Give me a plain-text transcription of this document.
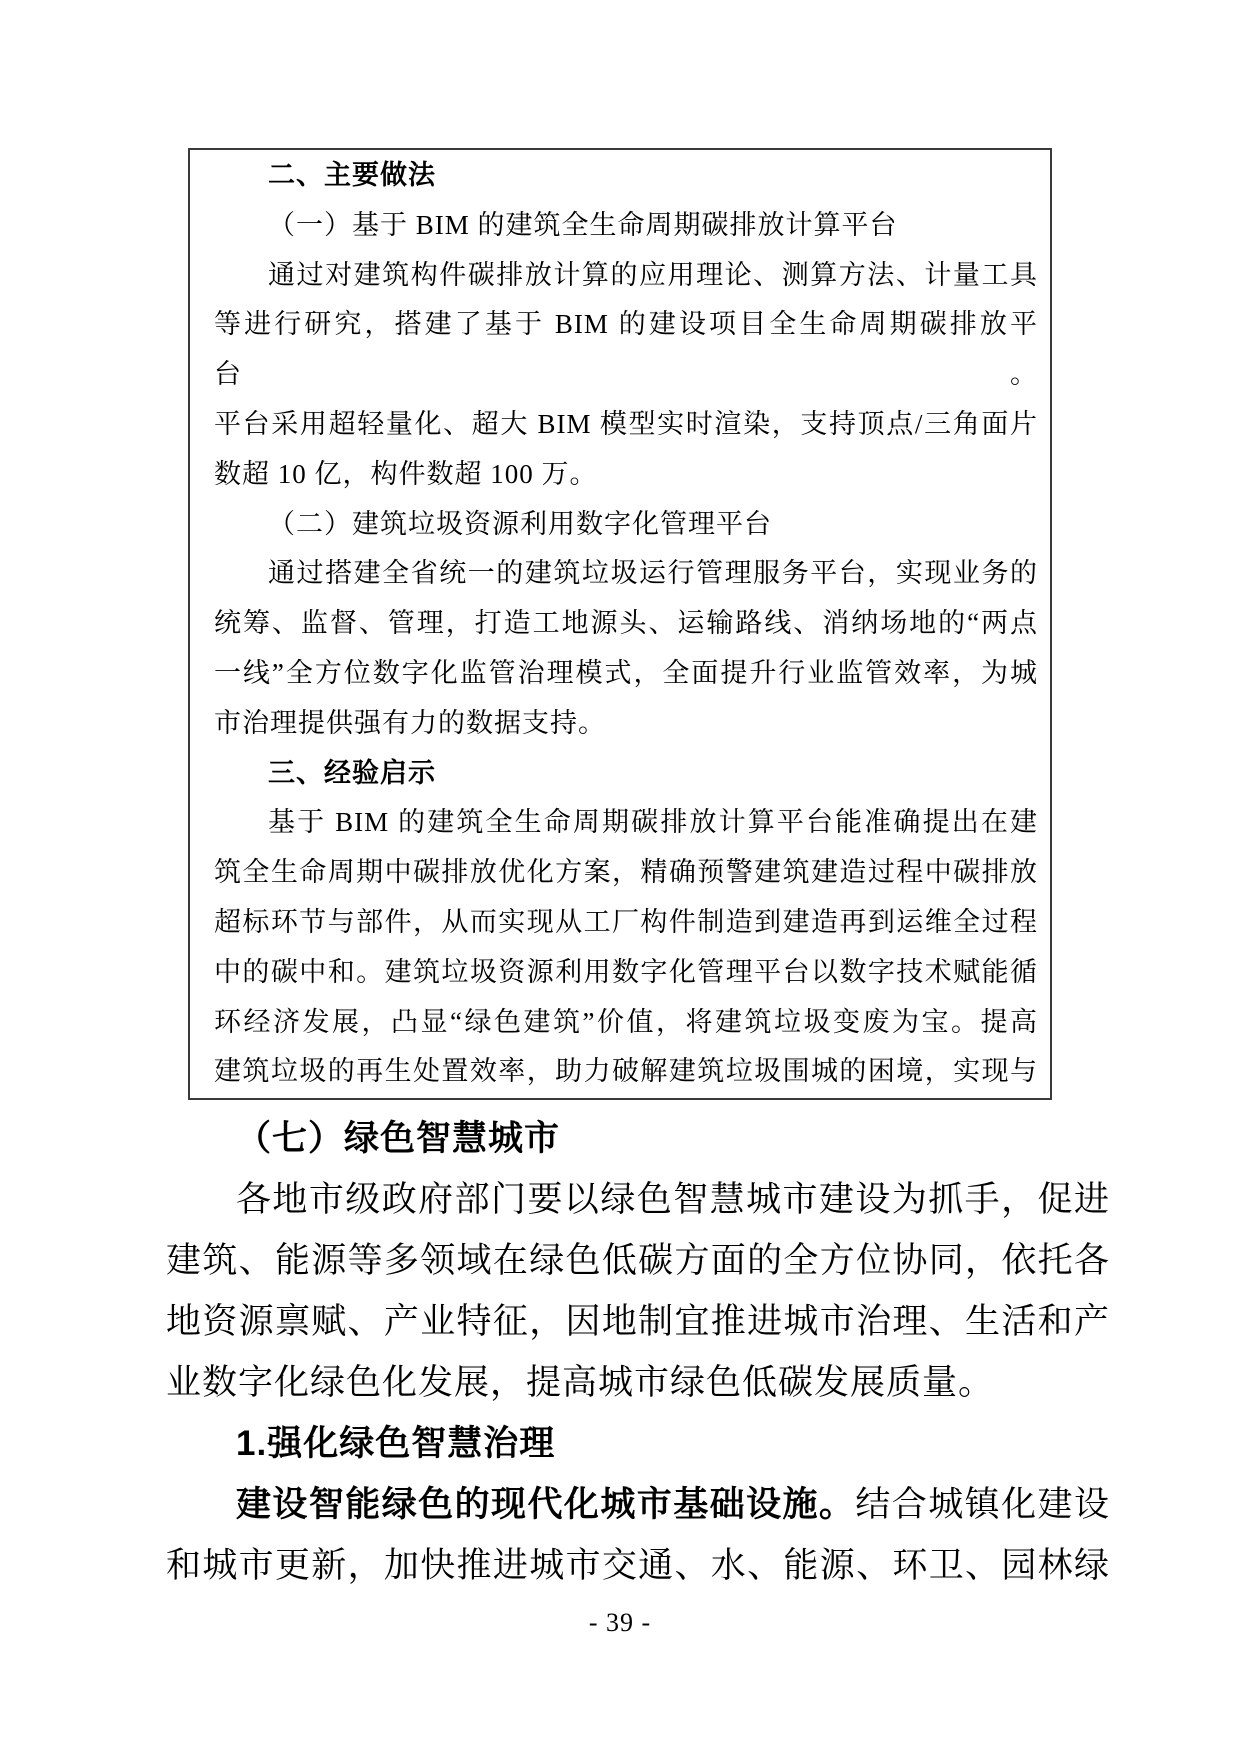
二、主要做法
（一）基于 BIM 的建筑全生命周期碳排放计算平台
通过对建筑构件碳排放计算的应用理论、测算方法、计量工具
等进行研究，搭建了基于 BIM 的建设项目全生命周期碳排放平台。
平台采用超轻量化、超大 BIM 模型实时渲染，支持顶点/三角面片
数超 10 亿，构件数超 100 万。
（二）建筑垃圾资源利用数字化管理平台
通过搭建全省统一的建筑垃圾运行管理服务平台，实现业务的
统筹、监督、管理，打造工地源头、运输路线、消纳场地的“两点
一线”全方位数字化监管治理模式，全面提升行业监管效率，为城
市治理提供强有力的数据支持。
三、经验启示
基于 BIM 的建筑全生命周期碳排放计算平台能准确提出在建
筑全生命周期中碳排放优化方案，精确预警建筑建造过程中碳排放
超标环节与部件，从而实现从工厂构件制造到建造再到运维全过程
中的碳中和。建筑垃圾资源利用数字化管理平台以数字技术赋能循
环经济发展，凸显“绿色建筑”价值，将建筑垃圾变废为宝。提高
建筑垃圾的再生处置效率，助力破解建筑垃圾围城的困境，实现与
（七）绿色智慧城市
各地市级政府部门要以绿色智慧城市建设为抓手，促进
建筑、能源等多领域在绿色低碳方面的全方位协同，依托各
地资源禀赋、产业特征，因地制宜推进城市治理、生活和产
业数字化绿色化发展，提高城市绿色低碳发展质量。
1.强化绿色智慧治理
建设智能绿色的现代化城市基础设施。结合城镇化建设
和城市更新，加快推进城市交通、水、能源、环卫、园林绿
- 39 -
